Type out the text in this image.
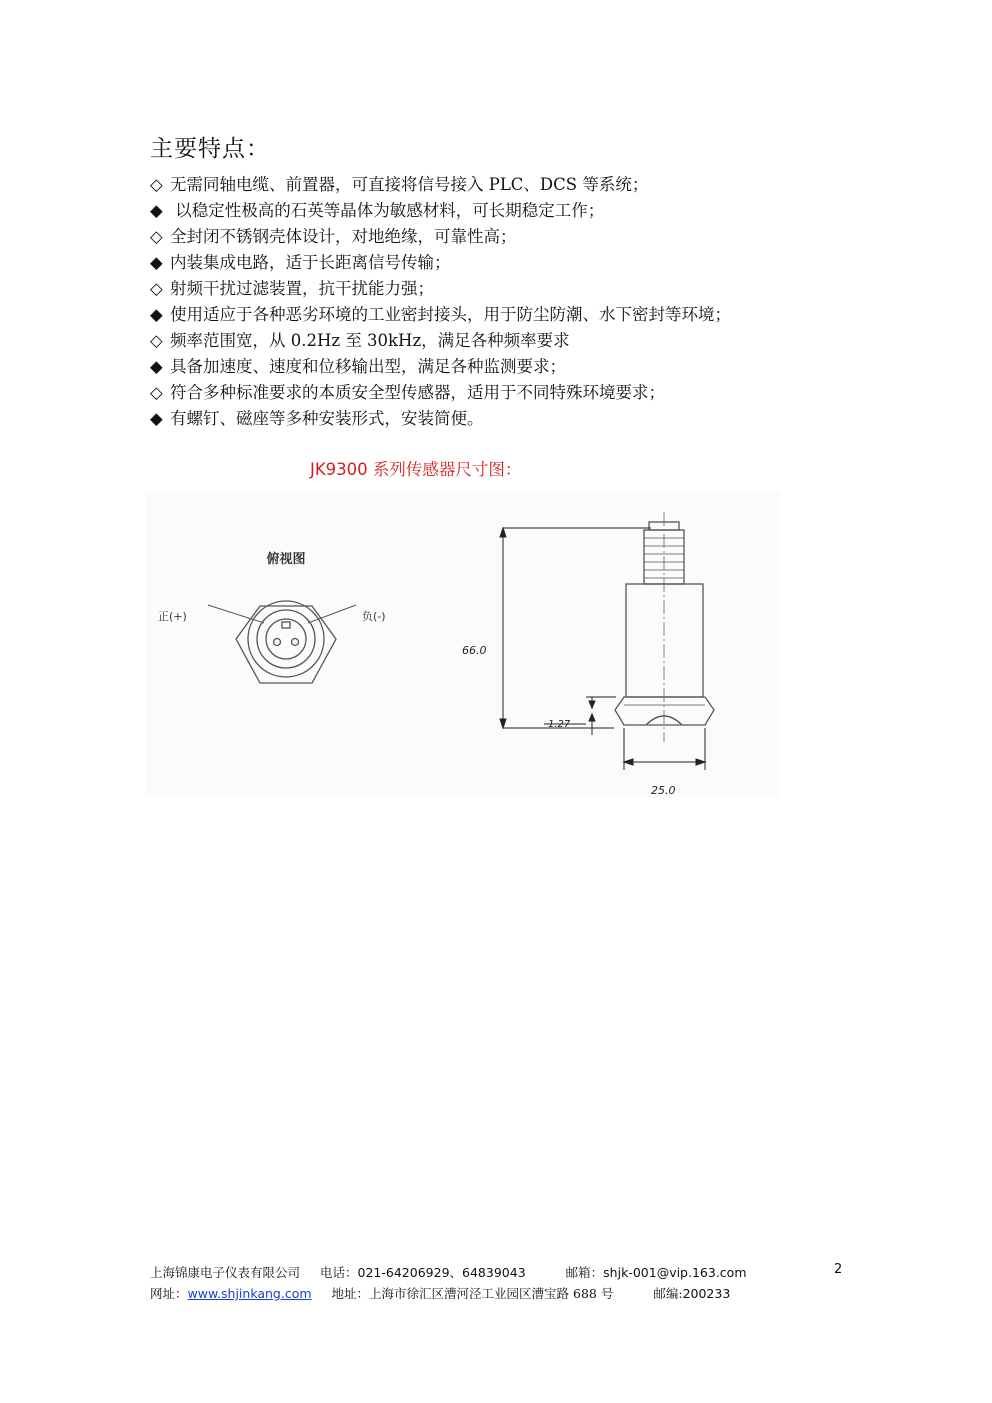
主要特点：
◇ 无需同轴电缆、前置器，可直接将信号接入 PLC、DCS 等系统；
◆ 以稳定性极高的石英等晶体为敏感材料，可长期稳定工作；
◇ 全封闭不锈钢壳体设计，对地绝缘，可靠性高；
◆ 内装集成电路，适于长距离信号传输；
◇ 射频干扰过滤装置，抗干扰能力强；
◆ 使用适应于各种恶劣环境的工业密封接头，用于防尘防潮、水下密封等环境；
◇ 频率范围宽，从 0.2Hz 至 30kHz，满足各种频率要求
◆ 具备加速度、速度和位移输出型，满足各种监测要求；
◇ 符合多种标准要求的本质安全型传感器，适用于不同特殊环境要求；
◆ 有螺钉、磁座等多种安装形式，安装简便。
JK9300 系列传感器尺寸图：
俯视图
正(+)	负(-)
66.0
1.27
25.0
上海锦康电子仪表有限公司 电话：021-64206929、64839043	邮箱：shjk-001@vip.163.com
网址：www.shjinkang.com 地址：上海市徐汇区漕河泾工业园区漕宝路 688 号	邮编:200233
2
